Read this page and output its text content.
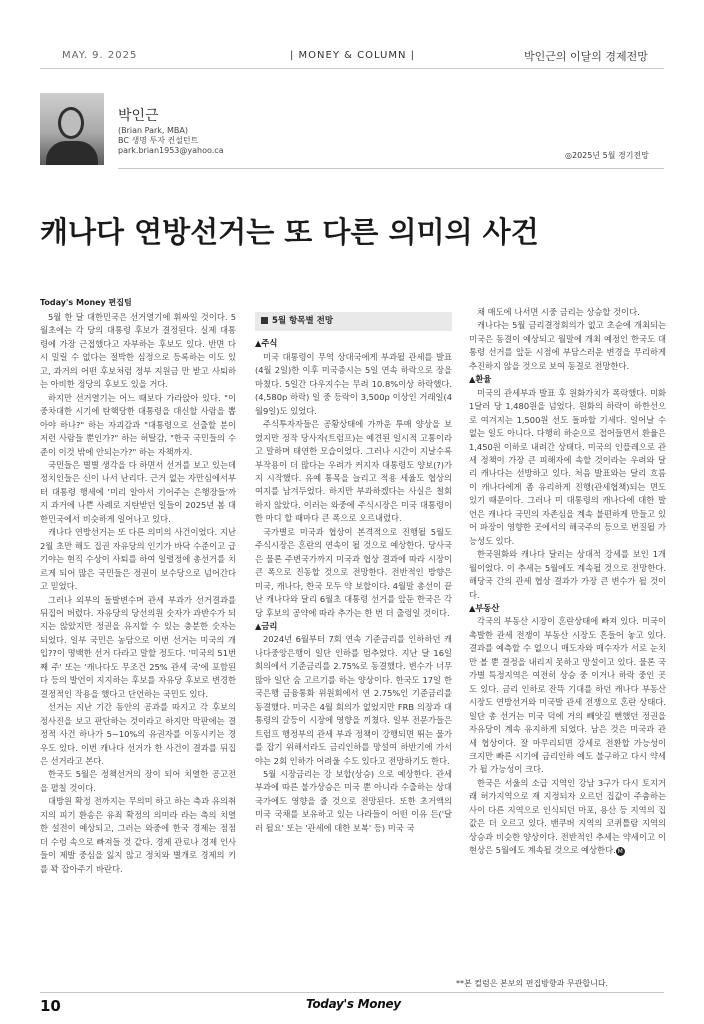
MAY. 9. 2025	| MONEY & COLUMN |	박인근의 이달의 경제전망
박인근
(Brian Park, MBA)
BC 생명 투자 컨설턴트
park.brian1953@yahoo.ca
◎2025년 5월 경기전망
캐나다 연방선거는 또 다른 의미의 사건
Today's Money 편집팀

5월 한 달 대한민국은 선거열기에 휘싸일 것이다. 5월초에는 각 당의 대통령 후보가 결정된다. 실제 대통령에 가장 근접했다고 자부하는 후보도 있다. 반면 다시 밀릴 수 없다는 절박한 심정으로 등록하는 이도 있고, 과거의 어떤 후보처럼 정부 지원금 만 받고 사퇴하는 아비한 정당의 후보도 있을 거다.

하지만 선거열기는 어느 때보다 가라앉아 있다. "이 중차대한 시기에 탄핵당한 대통령을 대신할 사람을 뽑아야 하나?" 하는 자괴감과 "대통령으로 선출할 분이 저런 사람들 뿐인가?" 하는 허탈감, "한국 국민들의 수준이 이것 밖에 안되는가?" 하는 자책까지.

국민들은 별별 생각을 다 하면서 선거를 보고 있는데 정치인들은 신이 나서 난리다. 근거 없는 자만심에서부터 대통령 행세에 '미리 알아서 기어주는 은행장들'까지 과거에 나쁜 사례로 지탄받던 일들이 2025년 봄 대한민국에서 비슷하게 일어나고 있다.

캐나다 연방선거는 또 다른 의미의 사건이었다. 지난 2월 초만 해도 집권 자유당의 인기가 바닥 수준이고 급기야는 현직 수상이 사퇴를 하여 일렬정에 총선거를 치르게 되어 많은 국민들은 정권이 보수당으로 넘어간다고 믿었다.

그러나 외부의 돌발변수며 관세 부과가 선거결과를 뒤집어 버렸다. 자유당의 당선의원 숫자가 과반수가 되지는 않았지만 정권을 유지할 수 있는 충분한 숫자는 되었다. 일부 국민은 농담으로 이번 선거는 미국의 개입??이 명백한 선거 다라고 말할 정도다. '미국의 51번째 주' 또는 '캐나다도 무조건 25% 관세 국'에 포함된다 등의 발언이 지지하는 후보를 자유당 후보로 변경한 결정적인 작용을 했다고 단언하는 국민도 있다.

선거는 지난 기간 동안의 공과를 따지고 각 후보의 정사진을 보고 판단하는 것이라고 하지만 막판에는 결정적 사건 하나가 5~10%의 유권자를 이동시키는 경우도 있다. 이번 캐나다 선거가 한 사건이 결과를 뒤집은 선거라고 본다.

한국도 5월은 정책선거의 장이 되어 치열한 공고전을 펼칠 것이다.

대방원 확정 전까지는 무의미 하고 하는 측과 유의취지의 피기 환송은 유죄 확정의 의미라 라는 측의 치열한 설전이 예상되고, 그러는 와중에 한국 경제는 점점 더 수렁 속으로 빠져들 것 같다. 경제 관료나 경제 인사들이 제발 중심을 잃지 않고 정치와 별개로 경제의 키를 꽉 잡아주기 바란다.

5월 항목별 전망

▲주식

미국 대통령이 무역 상대국에게 부과될 관세를 발표(4월 2일)한 이후 미국증시는 5일 연속 하락으로 장을 마쳤다. 5일간 다우지수는 무려 10.8%이상 하락했다. (4,580p 하락) 일 중 등락이 3,500p 이상인 거래일(4월9일)도 있었다.

주식투자자들은 공황상태에 가까운 투매 양상을 보였지만 정작 당사자(트럼프)는 예견된 일시적 고통이라고 말하며 태연한 모습이었다. 그러나 시간이 지날수록 부작용이 더 많다는 우려가 커지자 대통령도 양보(?)가지 시작했다. 유예 통목을 늘리고 적용 세율도 협상의 여지를 남겨두었다. 하지만 부과하겠다는 사실은 철회하지 않았다. 이러는 와중에 주식시장은 미국 대통령이 한 마디 할 때마다 큰 폭으로 오르내렸다.

국가별로 미국과 협상이 본격적으로 진행될 5월도 주식시장은 혼란의 연속이 될 것으로 예상한다. 당사국은 물론 주변국가까지 미국과 협상 결과에 따라 시장이 큰 폭으로 진동할 것으로 전망한다. 전반적인 방향은 미국, 캐나다, 한국 모두 약 보합이다. 4월말 총선이 끝난 캐나다와 달리 6월초 대통령 선거를 앞둔 한국은 각 당 후보의 공약에 따라 추가는 한 번 더 출렁일 것이다.

▲금리

2024년 6월부터 7회 연속 기준금리를 인하하던 캐나다중앙은행이 일단 인하를 멈추었다. 지난 달 16일 회의에서 기준금리를 2.75%로 동결했다. 변수가 너무 많아 일단 숨 고르기를 하는 양상이다. 한국도 17일 한국은행 금융통화 위원회에서 연 2.75%인 기준금리를 동결했다. 미국은 4월 회의가 없었지만 FRB 의장과 대통령의 갈등이 시장에 영향을 끼쳤다. 일부 전문가들은 트럼프 행정부의 관세 부과 정책이 강행되면 뛰는 물가를 잡기 위해서라도 금리인하를 망설여 하반기에 가서야는 2회 인하가 어려울 수도 있다고 전망하기도 한다.

5월 시장금리는 강 보합(상승) 으로 예상한다. 관세부과에 따른 불가상승은 미국 뿐 아니라 수출하는 상대 국가에도 영향을 줄 것으로 전망된다. 또한 초거액의 미국 국채를 보유하고 있는 나라들이 어떤 이유 든('달러 될요' 또는 '관세에 대한 보복' 등) 미국 국

채 매도에 나서면 시중 금리는 상승할 것이다.

캐나다는 5월 금리결정회의가 없고 초순에 개최되는 미국은 동결이 예상되고 월말에 개최 예정인 한국도 대통령 선거를 앞둔 시점에 부담스러운 변경을 무리하게 추진하지 않을 것으로 보여 동결로 전망한다.

▲환율

미국의 관세부과 발표 후 원화가치가 폭락했다. 미화 1달러 당 1,480원을 넘었다. 원화의 하락이 하한선으로 여겨지는 1,500원 선도 돌파할 기세다. 일어날 수 없는 일도 아니다. 다행히 하순으로 접어들면서 환율은 1,450원 이하로 내려간 상태다. 미국의 인플레으로 관세 정책이 가장 큰 피해자에 속할 것이라는 우려와 달리 캐나다는 선방하고 있다. 처음 발표와는 달리 흐름이 캐나다에게 좀 유리하게 진행(관세협책)되는 면도 있기 때문이다. 그러나 미 대통령의 캐나다에 대한 발언은 캐나다 국민의 자존심을 계속 불편하게 만들고 있어 파장이 영향한 곳에서의 해국주의 등으로 번질될 가능성도 있다.

한국원화와 캐나다 달러는 상대적 강세를 보인 1개월이었다. 이 추세는 5월에도 계속될 것으로 전망한다. 해당국 간의 관세 협상 결과가 가장 큰 변수가 될 것이다.

▲부동산

각국의 부동산 시장이 혼란상태에 빠져 있다. 미국이 촉발한 관세 전쟁이 부동산 시장도 흔들어 놓고 있다. 결과를 예측할 수 없으니 매도자와 매수자가 서로 눈치만 볼 뿐 결정을 내리지 못하고 망설이고 있다. 물론 국가별 특정지역은 여전히 상승 중 이거나 하락 중인 곳도 있다. 금리 인하로 잔뜩 기대를 하던 캐나다 부동산 시장도 연방선거와 미국발 관세 전쟁으로 혼란 상태다. 일단 총 선거는 미국 덕에 거의 빼앗길 뻔했던 정권을 자유당이 계속 유지하게 되었다. 남은 것은 미국과 관세 협상이다. 잘 마무리되면 강세로 전환할 가능성이 크지만 빠른 시기에 금리인하 예도 불구하고 다시 약세가 될 가능성이 크다.

한국은 서울의 소급 지역인 강남 3구가 다시 토지거래 허가지역으로 재 지정되자 오르던 집값이 주춤하는 사이 다른 지역으로 인식되던 마포, 용산 등 지역의 집값은 더 오르고 있다. 밴쿠버 지역의 코퀴틀람 지역의 상승과 비슷한 양상이다. 전반적인 추세는 약세이고 이 현상은 5월에도 계속될 것으로 예상한다. M

**본 컬럼은 본보의 편집방향과 무관합니다.
10	Today's Money
